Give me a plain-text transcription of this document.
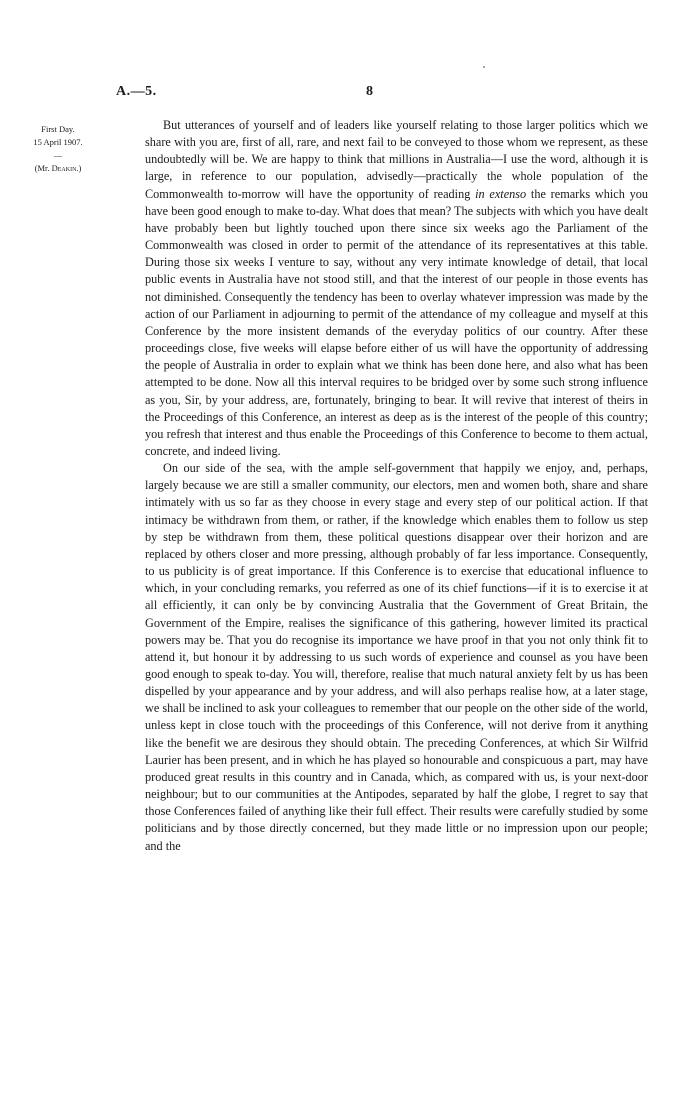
A.—5.	8
First Day.
15 April 1907.
—
(Mr. Deakin.)

But utterances of yourself and of leaders like yourself relating to those larger politics which we share with you are, first of all, rare, and next fail to be conveyed to those whom we represent, as these undoubtedly will be. We are happy to think that millions in Australia—I use the word, although it is large, in reference to our population, advisedly—practically the whole population of the Commonwealth to-morrow will have the opportunity of reading in extenso the remarks which you have been good enough to make to-day. What does that mean? The subjects with which you have dealt have probably been but lightly touched upon there since six weeks ago the Parliament of the Commonwealth was closed in order to permit of the attendance of its representatives at this table. During those six weeks I venture to say, without any very intimate knowledge of detail, that local public events in Australia have not stood still, and that the interest of our people in those events has not diminished. Consequently the tendency has been to overlay whatever impression was made by the action of our Parliament in adjourning to permit of the attendance of my colleague and myself at this Conference by the more insistent demands of the everyday politics of our country. After these proceedings close, five weeks will elapse before either of us will have the opportunity of addressing the people of Australia in order to explain what we think has been done here, and also what has been attempted to be done. Now all this interval requires to be bridged over by some such strong influence as you, Sir, by your address, are, fortunately, bringing to bear. It will revive that interest of theirs in the Proceedings of this Conference, an interest as deep as is the interest of the people of this country; you refresh that interest and thus enable the Proceedings of this Conference to become to them actual, concrete, and indeed living.

On our side of the sea, with the ample self-government that happily we enjoy, and, perhaps, largely because we are still a smaller community, our electors, men and women both, share and share intimately with us so far as they choose in every stage and every step of our political action. If that intimacy be withdrawn from them, or rather, if the knowledge which enables them to follow us step by step be withdrawn from them, these political questions disappear over their horizon and are replaced by others closer and more pressing, although probably of far less importance. Consequently, to us publicity is of great importance. If this Conference is to exercise that educational influence to which, in your concluding remarks, you referred as one of its chief functions—if it is to exercise it at all efficiently, it can only be by convincing Australia that the Government of Great Britain, the Government of the Empire, realises the significance of this gathering, however limited its practical powers may be. That you do recognise its importance we have proof in that you not only think fit to attend it, but honour it by addressing to us such words of experience and counsel as you have been good enough to speak to-day. You will, therefore, realise that much natural anxiety felt by us has been dispelled by your appearance and by your address, and will also perhaps realise how, at a later stage, we shall be inclined to ask your colleagues to remember that our people on the other side of the world, unless kept in close touch with the proceedings of this Conference, will not derive from it anything like the benefit we are desirous they should obtain. The preceding Conferences, at which Sir Wilfrid Laurier has been present, and in which he has played so honourable and conspicuous a part, may have produced great results in this country and in Canada, which, as compared with us, is your next-door neighbour; but to our communities at the Antipodes, separated by half the globe, I regret to say that those Conferences failed of anything like their full effect. Their results were carefully studied by some politicians and by those directly concerned, but they made little or no impression upon our people; and the
